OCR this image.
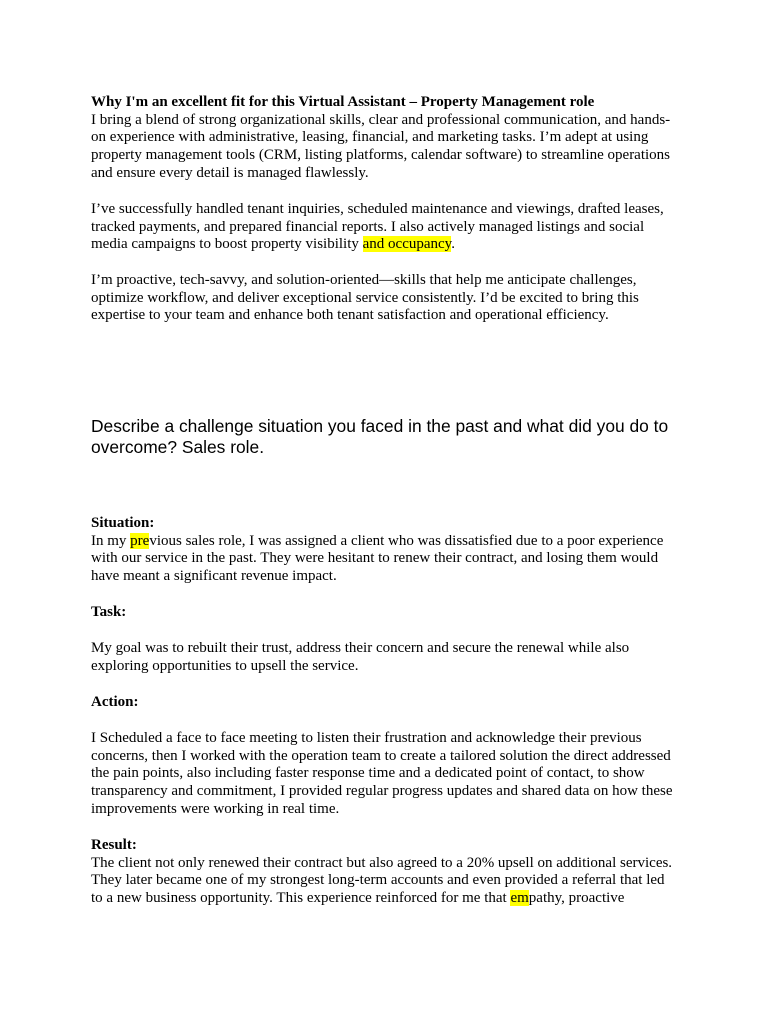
Why I'm an excellent fit for this Virtual Assistant – Property Management role
I bring a blend of strong organizational skills, clear and professional communication, and hands-
on experience with administrative, leasing, financial, and marketing tasks. I’m adept at using
property management tools (CRM, listing platforms, calendar software) to streamline operations
and ensure every detail is managed flawlessly.
I’ve successfully handled tenant inquiries, scheduled maintenance and viewings, drafted leases,
tracked payments, and prepared financial reports. I also actively managed listings and social
media campaigns to boost property visibility and occupancy.
I’m proactive, tech-savvy, and solution-oriented—skills that help me anticipate challenges,
optimize workflow, and deliver exceptional service consistently. I’d be excited to bring this
expertise to your team and enhance both tenant satisfaction and operational efficiency.
Describe a challenge situation you faced in the past and what did you do to
overcome? Sales role.
Situation:
In my previous sales role, I was assigned a client who was dissatisfied due to a poor experience
with our service in the past. They were hesitant to renew their contract, and losing them would
have meant a significant revenue impact.
Task:
My goal was to rebuilt their trust, address their concern and secure the renewal while also
exploring opportunities to upsell the service.
Action:
I Scheduled a face to face meeting to listen their frustration and acknowledge their previous
concerns, then I worked with the operation team to create a tailored solution the direct addressed
the pain points, also including faster response time and a dedicated point of contact, to show
transparency and commitment, I provided regular progress updates and shared data on how these
improvements were working in real time.
Result:
The client not only renewed their contract but also agreed to a 20% upsell on additional services.
They later became one of my strongest long-term accounts and even provided a referral that led
to a new business opportunity. This experience reinforced for me that empathy, proactive
